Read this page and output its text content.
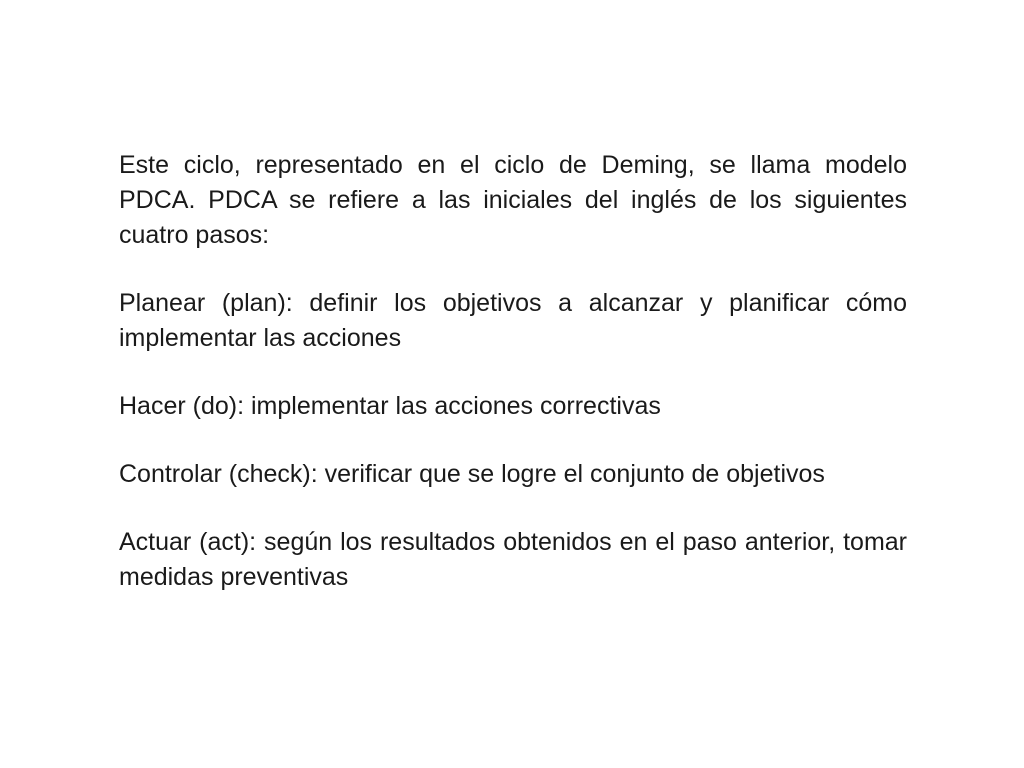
Este ciclo, representado en el ciclo de Deming, se llama modelo PDCA. PDCA se refiere a las iniciales del inglés de los siguientes cuatro pasos:

Planear (plan): definir los objetivos a alcanzar y planificar cómo implementar las acciones

Hacer (do): implementar las acciones correctivas

Controlar (check): verificar que se logre el conjunto de objetivos

Actuar (act): según los resultados obtenidos en el paso anterior, tomar medidas preventivas
